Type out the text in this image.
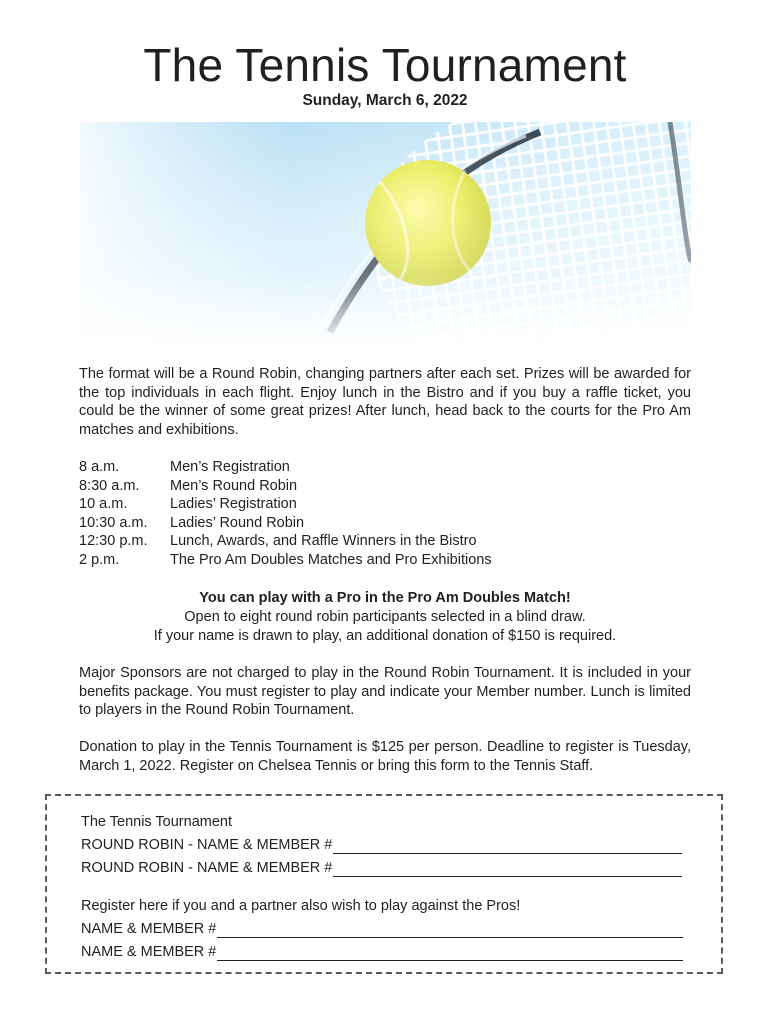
The Tennis Tournament
Sunday, March 6, 2022
The format will be a Round Robin, changing partners after each set. Prizes will be awarded for the top individuals in each flight. Enjoy lunch in the Bistro and if you buy a raffle ticket, you could be the winner of some great prizes! After lunch, head back to the courts for the Pro Am matches and exhibitions.
8 a.m.	Men’s Registration
8:30 a.m.	Men’s Round Robin
10 a.m.	Ladies’ Registration
10:30 a.m.	Ladies’ Round Robin
12:30 p.m.	Lunch, Awards, and Raffle Winners in the Bistro
2 p.m.	The Pro Am Doubles Matches and Pro Exhibitions
You can play with a Pro in the Pro Am Doubles Match!
Open to eight round robin participants selected in a blind draw.
If your name is drawn to play, an additional donation of $150 is required.
Major Sponsors are not charged to play in the Round Robin Tournament. It is included in your benefits package. You must register to play and indicate your Member number. Lunch is limited to players in the Round Robin Tournament.
Donation to play in the Tennis Tournament is $125 per person. Deadline to register is Tuesday, March 1, 2022. Register on Chelsea Tennis or bring this form to the Tennis Staff.
The Tennis Tournament
ROUND ROBIN - NAME & MEMBER #
ROUND ROBIN - NAME & MEMBER #
Register here if you and a partner also wish to play against the Pros!
NAME & MEMBER #
NAME & MEMBER #
